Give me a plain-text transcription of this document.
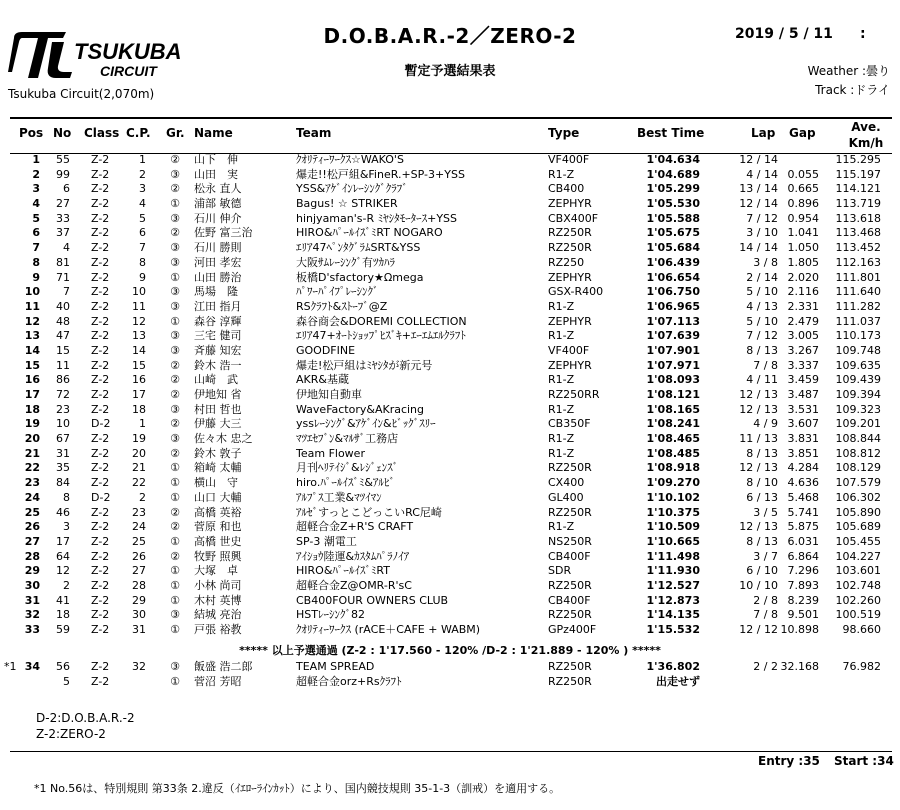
TSUKUBA
CIRCUIT
Tsukuba Circuit(2,070m)
D.O.B.A.R.-2／ZERO-2
暫定予選結果表
2019 / 5 / 11 :
Weather :曇り
Track :ドライ
Pos No Class C.P. Gr. Name	Team	Type	Best Time	Lap Gap	Ave.
Km/h
1	55 Z-2	1 ② 山下　伸	ｸｵﾘﾃｨｰﾜｰｸｽ☆WAKO'S	VF400F	1'04.634	12 / 14	115.295
2	99 Z-2	2 ③ 山田　実	爆走!!松戸組&FineR.+SP-3+YSS	R1-Z	1'04.689	4 / 14 0.055	115.197
3	6 Z-2	3 ② 松永 直人	YSS&ｱｹﾞｲﾝﾚｰｼﾝｸﾞｸﾗﾌﾞ	CB400	1'05.299	13 / 14 0.665	114.121
4	27 Z-2	4 ① 浦部 敏德	Bagus! ☆ STRIKER	ZEPHYR	1'05.530	12 / 14 0.896	113.719
5	33 Z-2	5 ③ 石川 伸介	hinjyaman's-R ﾐﾔｼﾀﾓｰﾀｰｽ+YSS	CBX400F	1'05.588	7 / 12 0.954	113.618
6	37 Z-2	6 ② 佐野 富三治	HIRO&ﾊﾟｰﾙｲｽﾞﾐRT NOGARO	RZ250R	1'05.675	3 / 10 1.041	113.468
7	4 Z-2	7 ③ 石川 勝則	ｴﾘｱ47ﾍﾟﾝﾀｸﾞﾗﾑSRT&YSS	RZ250R	1'05.684	14 / 14 1.050	113.452
8	81 Z-2	8 ③ 河田 孝宏	大阪ｻﾑﾚｰｼﾝｸﾞ有ﾂｶﾊﾗ	RZ250	1'06.439	3 / 8 1.805	112.163
9	71 Z-2	9 ① 山田 勝治	板橋D'sfactory★Ωmega	ZEPHYR	1'06.654	2 / 14 2.020	111.801
10	7 Z-2	10 ③ 馬場　隆	ﾊﾟﾜｰﾊﾟｲﾌﾟﾚｰｼﾝｸﾞ	GSX-R400	1'06.750	5 / 10 2.116	111.640
11	40 Z-2	11 ③ 江田 指月	RSｸﾗﾌﾄ&ｽﾄｰﾌﾞ@Z	R1-Z	1'06.965	4 / 13 2.331	111.282
12	48 Z-2	12 ① 森谷 淳輝	森谷商会&DOREMI COLLECTION	ZEPHYR	1'07.113	5 / 10 2.479	111.037
13	47 Z-2	13 ③ 三宅 健司	ｴﾘｱ47+ｵｰﾄｼｮｯﾌﾟﾋｽﾞｷ+ｴｰｴﾑｴﾙｸﾗﾌﾄ	R1-Z	1'07.639	7 / 12 3.005	110.173
14	15 Z-2	14 ③ 斉藤 知宏	GOODFINE	VF400F	1'07.901	8 / 13 3.267	109.748
15	11 Z-2	15 ② 鈴木 浩一	爆走!松戸組はﾐﾔｼﾀが新元号	ZEPHYR	1'07.971	7 / 8 3.337	109.635
16	86 Z-2	16 ② 山崎　武	AKR&基蔵	R1-Z	1'08.093	4 / 11 3.459	109.439
17	72 Z-2	17 ② 伊地知 省	伊地知自動車	RZ250RR	1'08.121	12 / 13 3.487	109.394
18	23 Z-2	18 ③ 村田 哲也	WaveFactory&AKracing	R1-Z	1'08.165	12 / 13 3.531	109.323
19	10 D-2	1 ② 伊藤 大三	yssﾚｰｼﾝｸﾞ&ｱｹﾞｲﾝ&ﾋﾞｯｸﾞｽﾘｰ	CB350F	1'08.241	4 / 9 3.607	109.201
20	67 Z-2	19 ③ 佐々木 忠之	ﾏﾂｴｾﾌﾞﾝ&ﾏﾙｻﾞ工務店	R1-Z	1'08.465	11 / 13 3.831	108.844
21	31 Z-2	20 ② 鈴木 敦子	Team Flower	R1-Z	1'08.485	8 / 13 3.851	108.812
22	35 Z-2	21 ① 箱崎 太輔	月刊ﾍﾘﾃｲｼﾞ&ﾚｼﾞｪﾝｽﾞ	RZ250R	1'08.918	12 / 13 4.284	108.129
23	84 Z-2	22 ① 横山　守	hiro.ﾊﾟｰﾙｲｽﾞﾐ&ｱﾙﾋﾞ	CX400	1'09.270	8 / 10 4.636	107.579
24	8 D-2	2 ① 山口 大輔	ｱﾙﾌﾟｽ工業&ﾏﾂｲﾏﾝ	GL400	1'10.102	6 / 13 5.468	106.302
25	46 Z-2	23 ② 高橋 英裕	ｱﾙｾﾞすっとこどっこいRC尼崎	RZ250R	1'10.375	3 / 5 5.741	105.890
26	3 Z-2	24 ② 菅原 和也	超軽合金Z+R'S CRAFT	R1-Z	1'10.509	12 / 13 5.875	105.689
27	17 Z-2	25 ① 高橋 世史	SP-3 潮電工	NS250R	1'10.665	8 / 13 6.031	105.455
28	64 Z-2	26 ② 牧野 照興	ｱｲｼｮｳ陸運&ｶｽﾀﾑﾊﾟﾗﾉｲｱ	CB400F	1'11.498	3 / 7 6.864	104.227
29	12 Z-2	27 ① 大塚　卓	HIRO&ﾊﾟｰﾙｲｽﾞﾐRT	SDR	1'11.930	6 / 10 7.296	103.601
30	2 Z-2	28 ① 小林 尚司	超軽合金Z@OMR-R'sC	RZ250R	1'12.527	10 / 10 7.893	102.748
31	41 Z-2	29 ① 木村 英博	CB400FOUR OWNERS CLUB	CB400F	1'12.873	2 / 8 8.239	102.260
32	18 Z-2	30 ③ 結城 亮治	HSTﾚｰｼﾝｸﾞ82	RZ250R	1'14.135	7 / 8 9.501	100.519
33	59 Z-2	31 ① 戸張 裕教	ｸｵﾘﾃｨｰﾜｰｸｽ (rACE＋CAFE + WABM)	GPz400F	1'15.532	12 / 12 10.898	98.660
***** 以上予選通過 (Z-2 : 1'17.560 - 120% /D-2 : 1'21.889 - 120% ) *****
*1 34	56 Z-2	32 ③ 飯盛 浩二郎	TEAM SPREAD	RZ250R	1'36.802	2 / 2 32.168	76.982
5 Z-2	① 菅沼 芳昭	超軽合金orz+Rsｸﾗﾌﾄ	RZ250R	出走せず
D-2:D.O.B.A.R.-2
Z-2:ZERO-2
Entry :35 Start :34
*1 No.56は、特別規則 第33条 2.違反（ｲｴﾛｰﾗｲﾝｶｯﾄ）により、国内競技規則 35-1-3（訓戒）を適用する。
